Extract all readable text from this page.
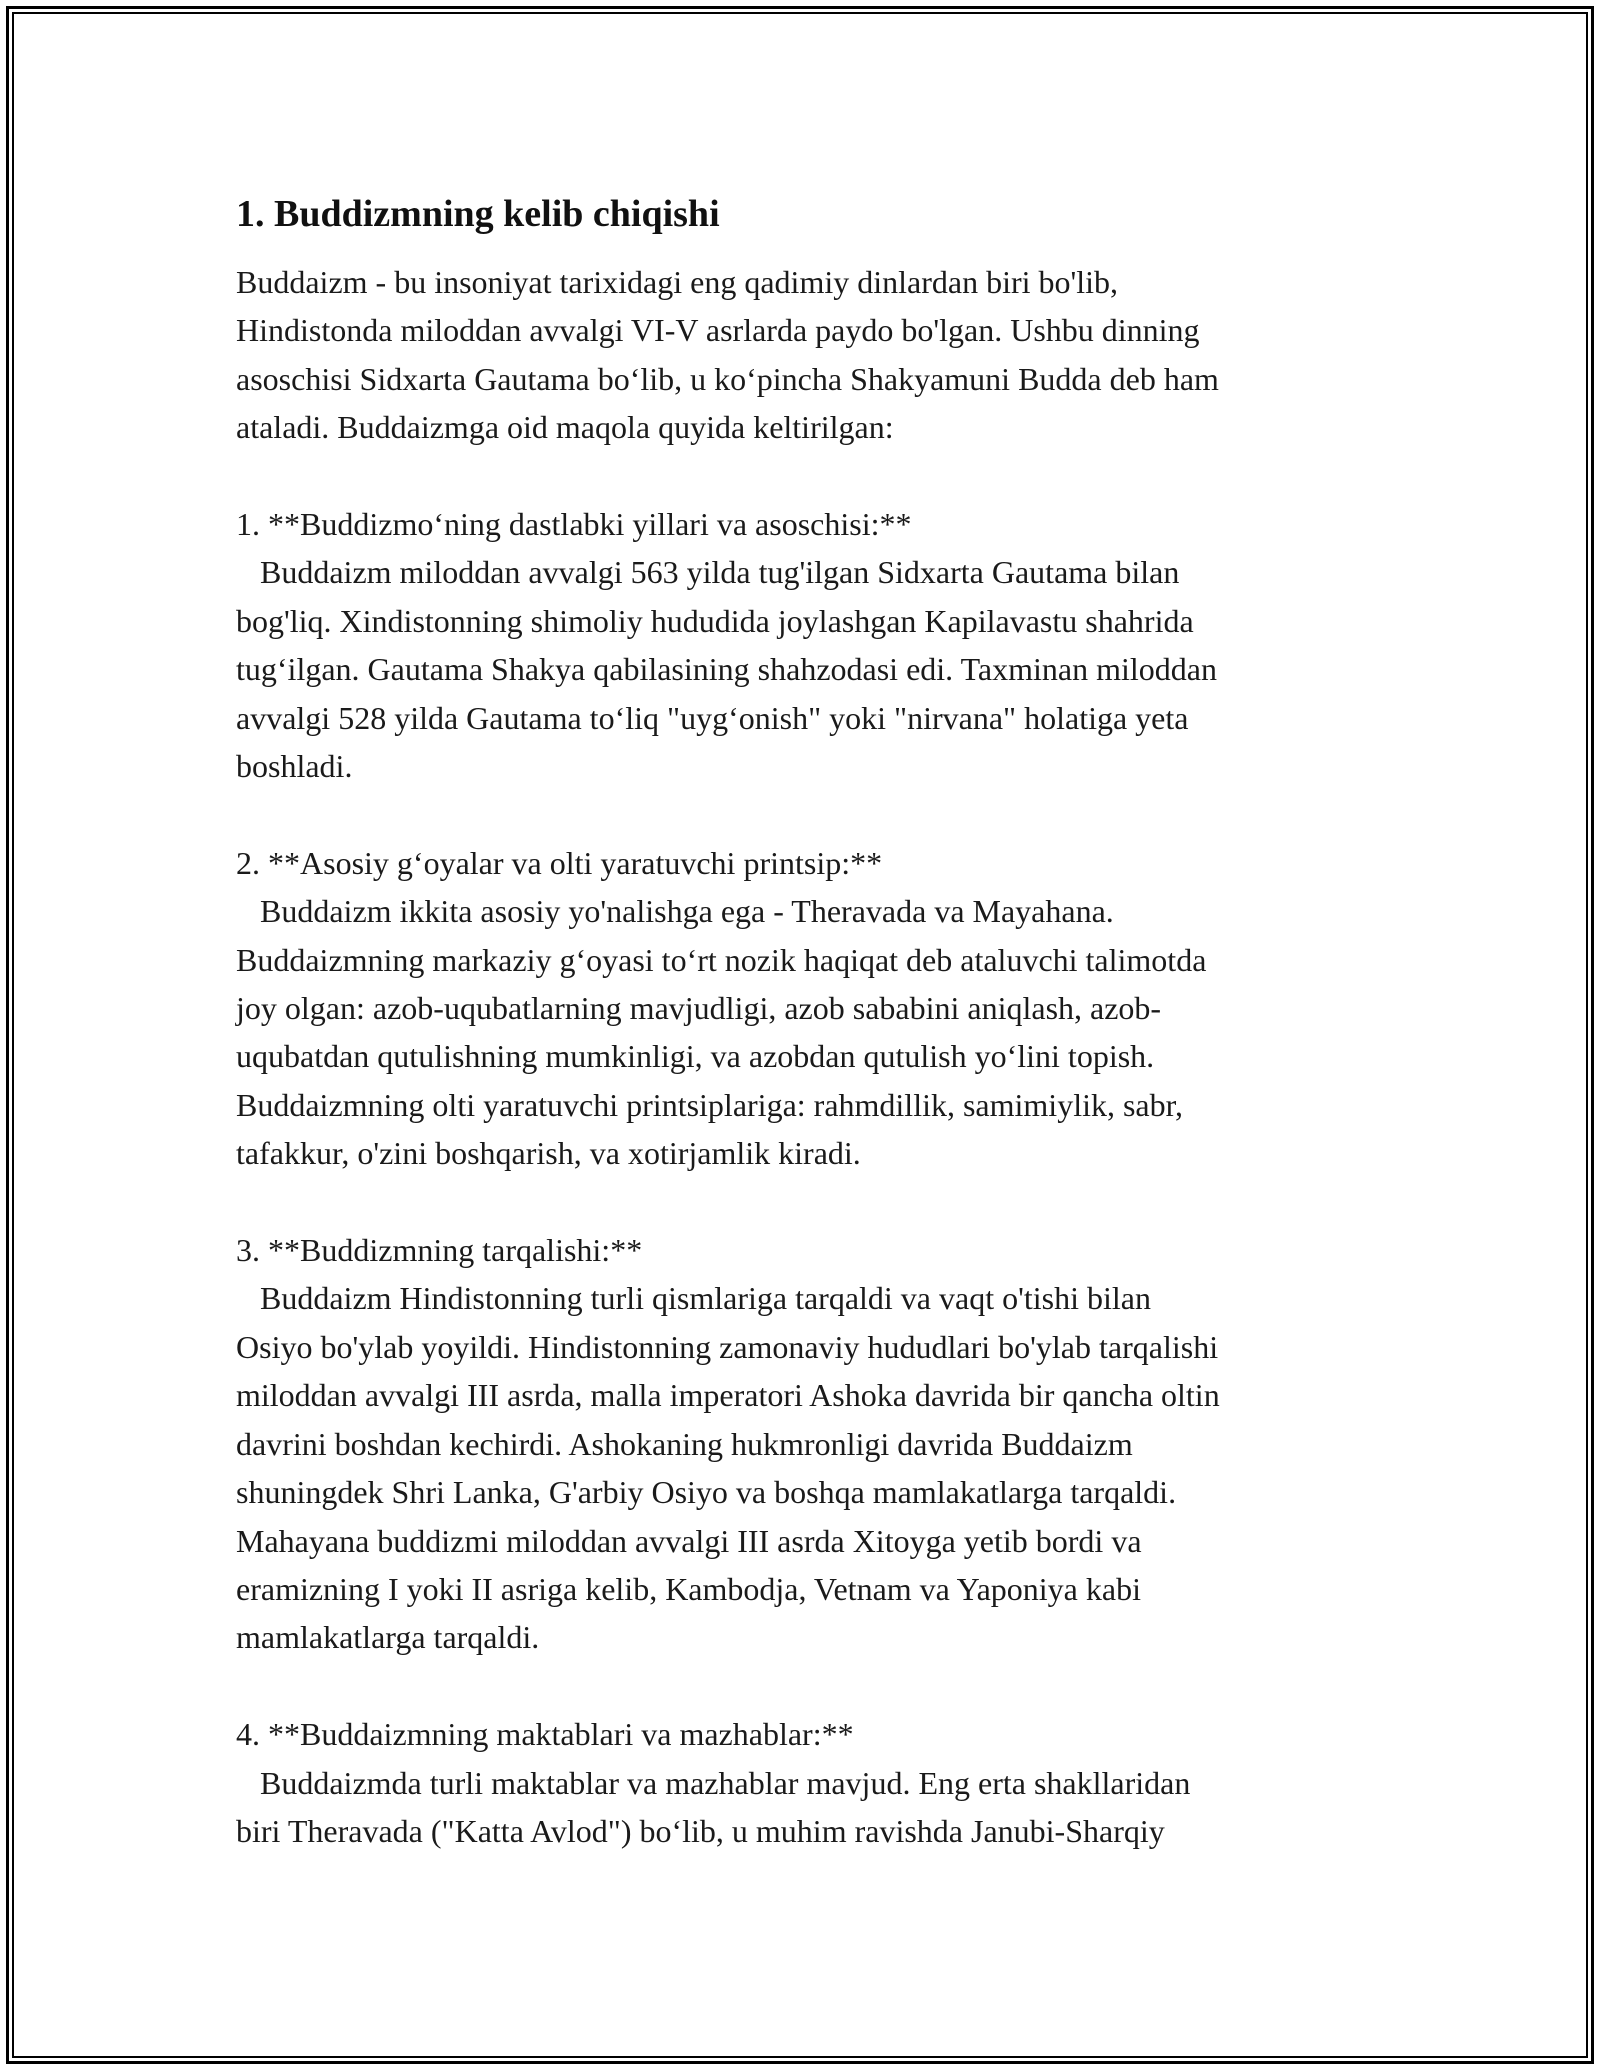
1. Buddizmning kelib chiqishi
Buddaizm - bu insoniyat tarixidagi eng qadimiy dinlardan biri bo'lib,
Hindistonda miloddan avvalgi VI-V asrlarda paydo bo'lgan. Ushbu dinning
asoschisi Sidxarta Gautama bo‘lib, u ko‘pincha Shakyamuni Budda deb ham
ataladi. Buddaizmga oid maqola quyida keltirilgan:
1. **Buddizmo‘ning dastlabki yillari va asoschisi:**
Buddaizm miloddan avvalgi 563 yilda tug'ilgan Sidxarta Gautama bilan
bog'liq. Xindistonning shimoliy hududida joylashgan Kapilavastu shahrida
tug‘ilgan. Gautama Shakya qabilasining shahzodasi edi. Taxminan miloddan
avvalgi 528 yilda Gautama to‘liq "uyg‘onish" yoki "nirvana" holatiga yeta
boshladi.
2. **Asosiy g‘oyalar va olti yaratuvchi printsip:**
Buddaizm ikkita asosiy yo'nalishga ega - Theravada va Mayahana.
Buddaizmning markaziy g‘oyasi to‘rt nozik haqiqat deb ataluvchi talimotda
joy olgan: azob-uqubatlarning mavjudligi, azob sababini aniqlash, azob-
uqubatdan qutulishning mumkinligi, va azobdan qutulish yo‘lini topish.
Buddaizmning olti yaratuvchi printsiplariga: rahmdillik, samimiylik, sabr,
tafakkur, o'zini boshqarish, va xotirjamlik kiradi.
3. **Buddizmning tarqalishi:**
Buddaizm Hindistonning turli qismlariga tarqaldi va vaqt o'tishi bilan
Osiyo bo'ylab yoyildi. Hindistonning zamonaviy hududlari bo'ylab tarqalishi
miloddan avvalgi III asrda, malla imperatori Ashoka davrida bir qancha oltin
davrini boshdan kechirdi. Ashokaning hukmronligi davrida Buddaizm
shuningdek Shri Lanka, G'arbiy Osiyo va boshqa mamlakatlarga tarqaldi.
Mahayana buddizmi miloddan avvalgi III asrda Xitoyga yetib bordi va
eramizning I yoki II asriga kelib, Kambodja, Vetnam va Yaponiya kabi
mamlakatlarga tarqaldi.
4. **Buddaizmning maktablari va mazhablar:**
Buddaizmda turli maktablar va mazhablar mavjud. Eng erta shakllaridan
biri Theravada ("Katta Avlod") bo‘lib, u muhim ravishda Janubi-Sharqiy
